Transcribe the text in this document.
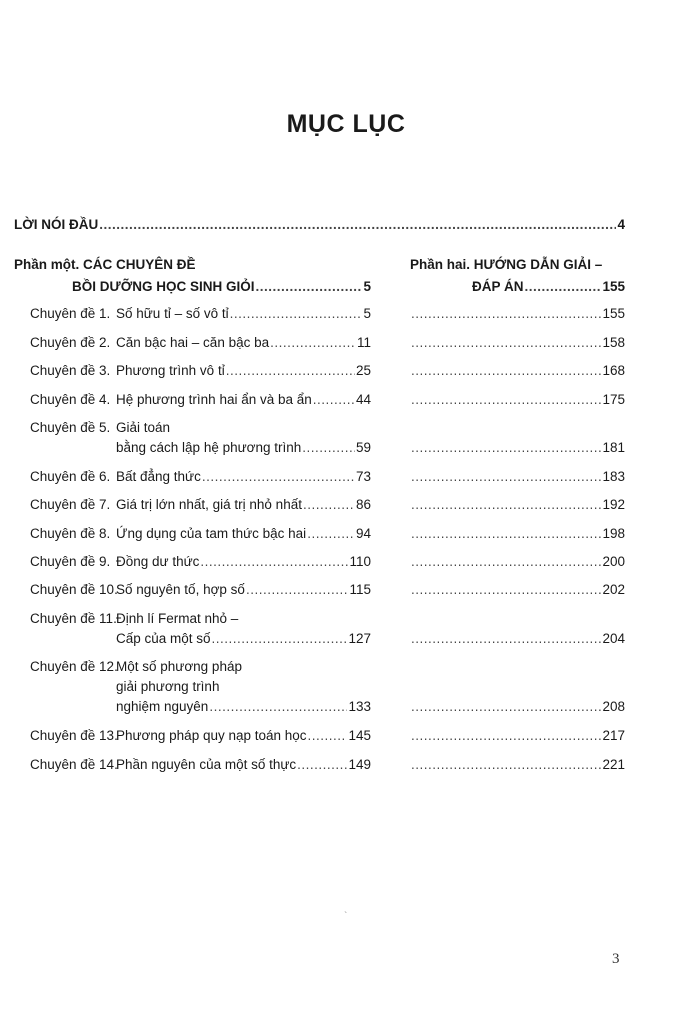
MỤC LỤC
LỜI NÓI ĐẦU .....	4
Phần một. CÁC CHUYÊN ĐỀ
BỒI DƯỠNG HỌC SINH GIỎI .....	5
Phần hai. HƯỚNG DẪN GIẢI –
ĐÁP ÁN .....	155
Chuyên đề 1. Số hữu tỉ – số vô tỉ .....	5 .....	155
Chuyên đề 2. Căn bậc hai – căn bậc ba .....	11 .....	158
Chuyên đề 3. Phương trình vô tỉ .....	25 .....	168
Chuyên đề 4. Hệ phương trình hai ẩn và ba ẩn .....	44 .....	175
Chuyên đề 5. Giải toán
bằng cách lập hệ phương trình .....	59 .....	181
Chuyên đề 6. Bất đẳng thức .....	73 .....	183
Chuyên đề 7. Giá trị lớn nhất, giá trị nhỏ nhất .....	86 .....	192
Chuyên đề 8. Ứng dụng của tam thức bậc hai .....	94 .....	198
Chuyên đề 9. Đồng dư thức .....	110 .....	200
Chuyên đề 10.
Số nguyên tố, hợp số .....	115 .....	202
Chuyên đề 11. Định lí Fermat nhỏ –
Cấp của một số .....	127 .....	204
Chuyên đề 12.
Một số phương pháp
giải phương trình
nghiệm nguyên .....	133 .....	208
Chuyên đề 13.
Phương pháp quy nạp toán học .....	145 .....	217
Chuyên đề 14.
Phần nguyên của một số thực .....	149 .....	221
`
3
